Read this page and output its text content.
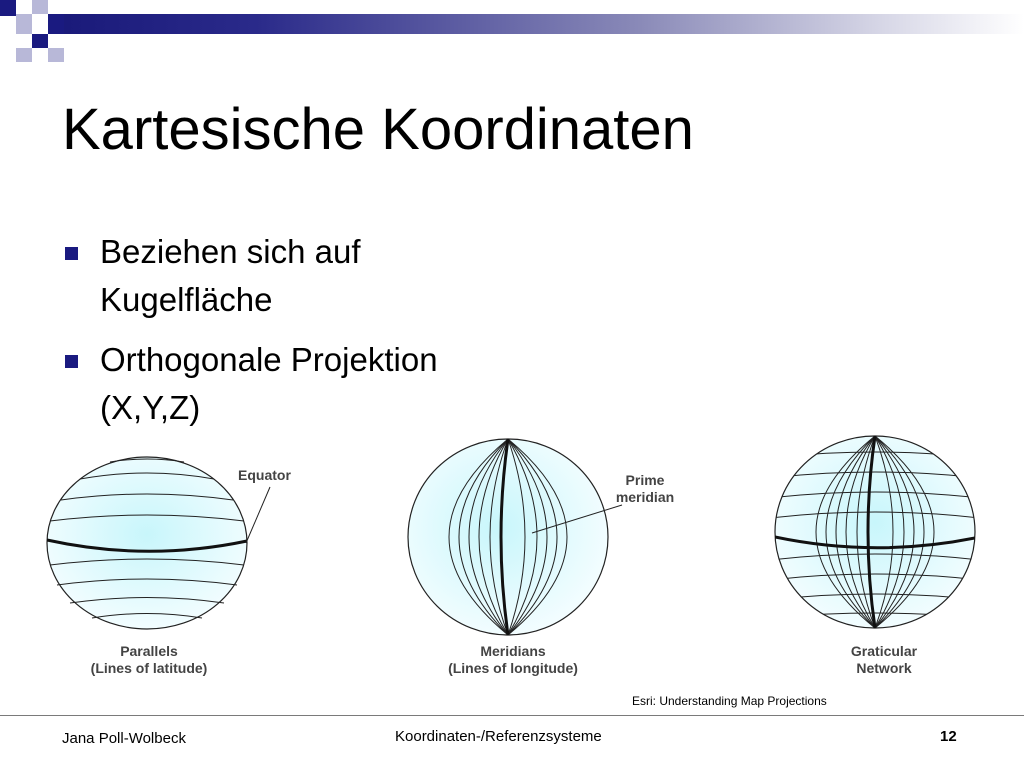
Kartesische Koordinaten
Beziehen sich auf Kugelfläche
Orthogonale Projektion (X,Y,Z)
Equator
Parallels
(Lines of latitude)
Prime
meridian
Meridians
(Lines of longitude)
Graticular
Network
Esri: Understanding Map Projections
Jana Poll-Wolbeck	Koordinaten-/Referenzsysteme	12
